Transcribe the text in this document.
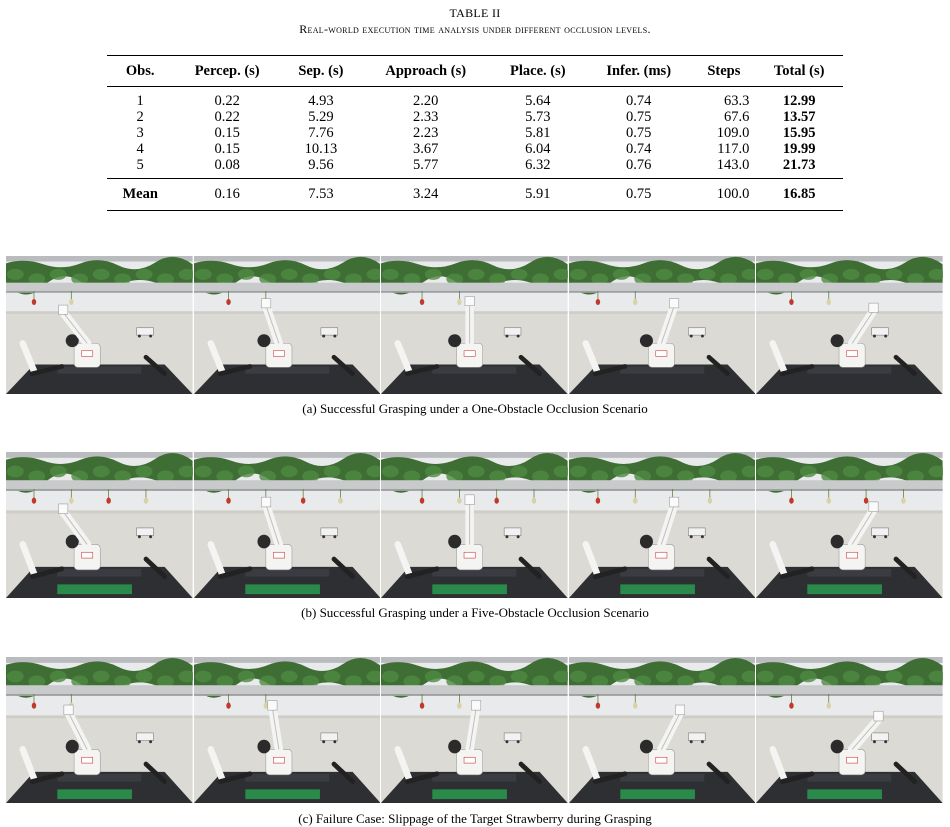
TABLE II
Real-world execution time analysis under different occlusion levels.
Obs.	Percep. (s)	Sep. (s)	Approach (s)	Place. (s)	Infer. (ms)	Steps	Total (s)
1	0.22	4.93	2.20	5.64	0.74	63.3	12.99
2	0.22	5.29	2.33	5.73	0.75	67.6	13.57
3	0.15	7.76	2.23	5.81	0.75	109.0	15.95
4	0.15	10.13	3.67	6.04	0.74	117.0	19.99
5	0.08	9.56	5.77	6.32	0.76	143.0	21.73
Mean	0.16	7.53	3.24	5.91	0.75	100.0	16.85
(a) Successful Grasping under a One-Obstacle Occlusion Scenario
(b) Successful Grasping under a Five-Obstacle Occlusion Scenario
(c) Failure Case: Slippage of the Target Strawberry during Grasping
